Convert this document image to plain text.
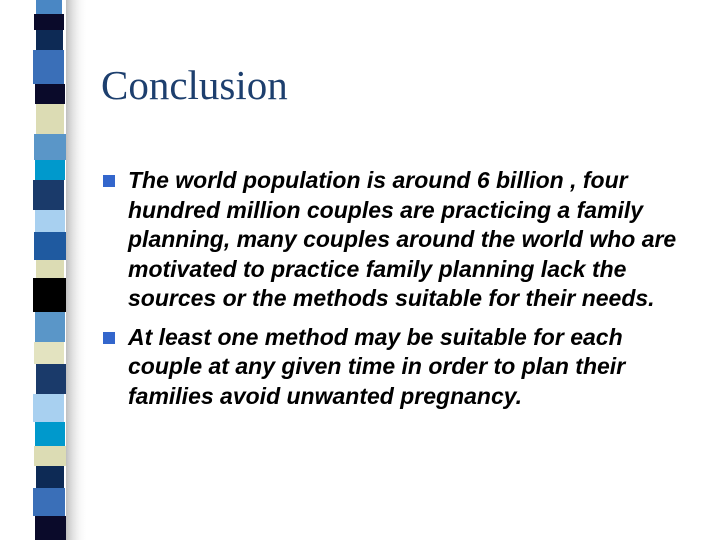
Conclusion
The world population is around 6 billion , four hundred million couples are practicing a family planning, many couples around the world who are motivated to practice family planning lack the sources or the methods suitable for their needs.
At least one method may be suitable for each couple at any given time in order to plan their families avoid unwanted pregnancy.
